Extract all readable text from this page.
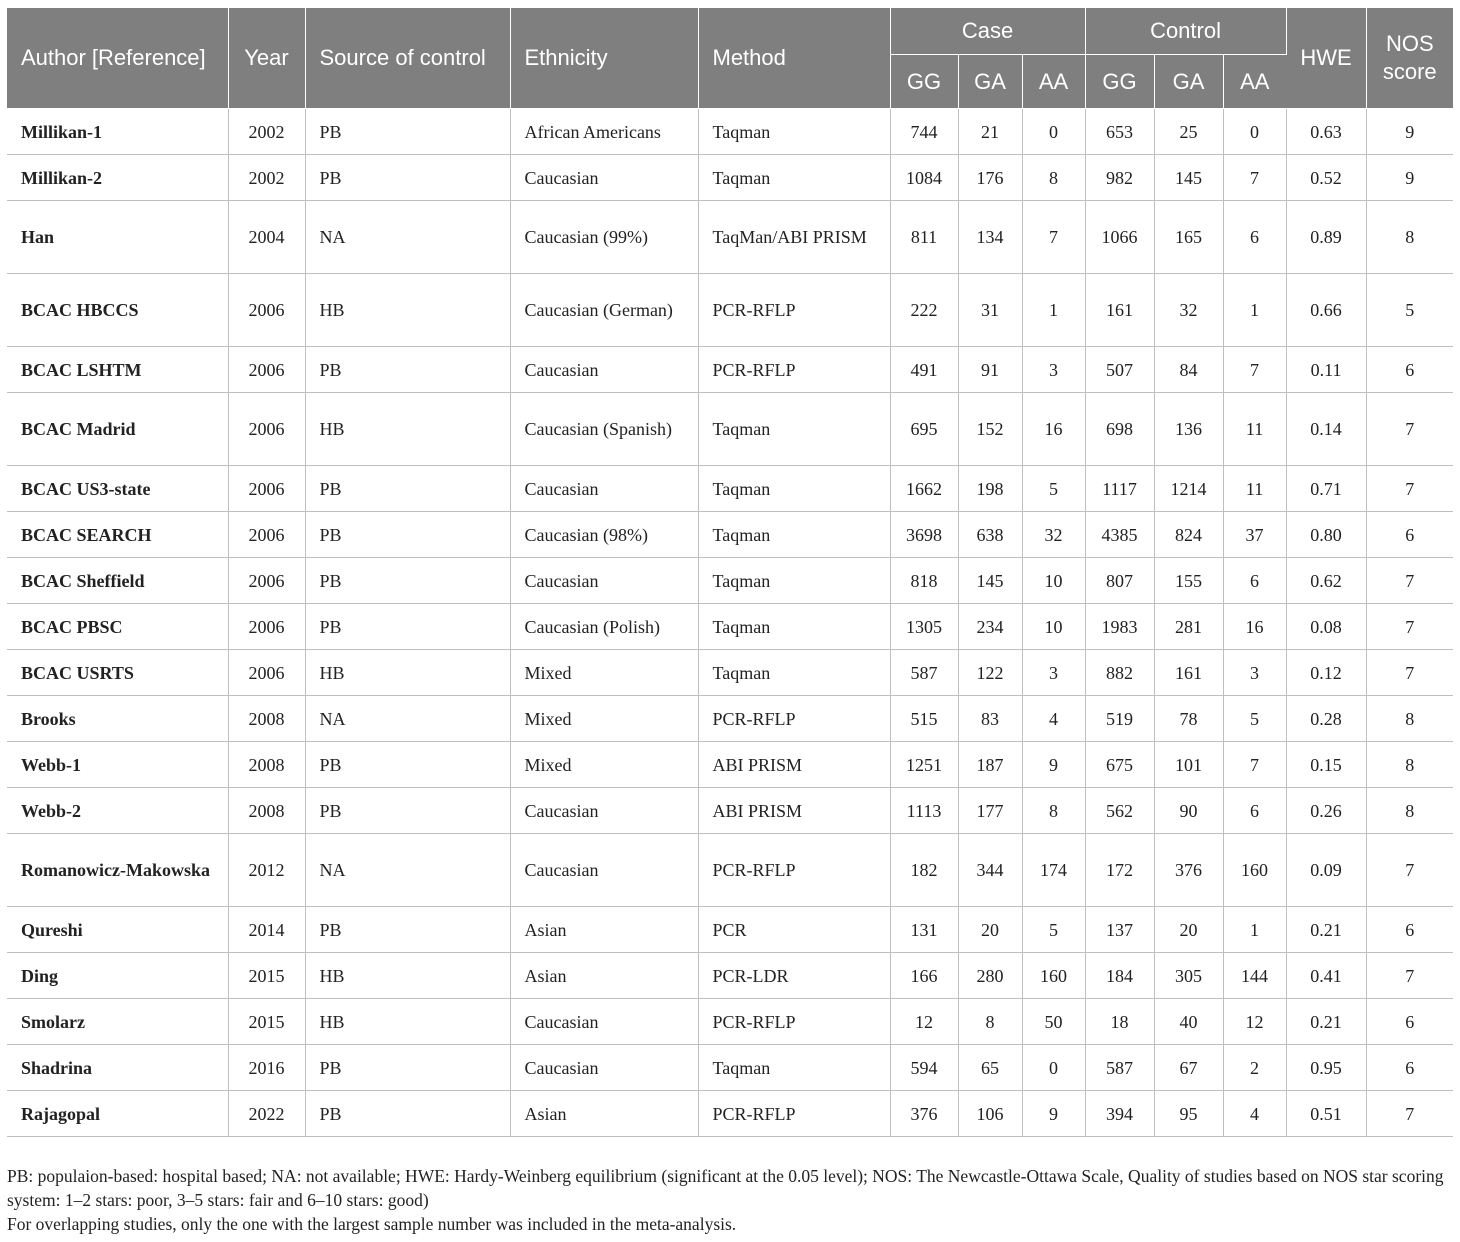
Author [Reference]	Year	Source of control	Ethnicity	Method	Case			Control			HWE	NOS score
					GG	GA	AA	GG	GA	AA		
Millikan-1	2002	PB	African Americans	Taqman	744	21	0	653	25	0	0.63	9
Millikan-2	2002	PB	Caucasian	Taqman	1084	176	8	982	145	7	0.52	9
Han	2004	NA	Caucasian (99%)	TaqMan/ABI PRISM	811	134	7	1066	165	6	0.89	8
BCAC HBCCS	2006	HB	Caucasian (German)	PCR-RFLP	222	31	1	161	32	1	0.66	5
BCAC LSHTM	2006	PB	Caucasian	PCR-RFLP	491	91	3	507	84	7	0.11	6
BCAC Madrid	2006	HB	Caucasian (Spanish)	Taqman	695	152	16	698	136	11	0.14	7
BCAC US3-state	2006	PB	Caucasian	Taqman	1662	198	5	1117	1214	11	0.71	7
BCAC SEARCH	2006	PB	Caucasian (98%)	Taqman	3698	638	32	4385	824	37	0.80	6
BCAC Sheffield	2006	PB	Caucasian	Taqman	818	145	10	807	155	6	0.62	7
BCAC PBSC	2006	PB	Caucasian (Polish)	Taqman	1305	234	10	1983	281	16	0.08	7
BCAC USRTS	2006	HB	Mixed	Taqman	587	122	3	882	161	3	0.12	7
Brooks	2008	NA	Mixed	PCR-RFLP	515	83	4	519	78	5	0.28	8
Webb-1	2008	PB	Mixed	ABI PRISM	1251	187	9	675	101	7	0.15	8
Webb-2	2008	PB	Caucasian	ABI PRISM	1113	177	8	562	90	6	0.26	8
Romanowicz-Makowska	2012	NA	Caucasian	PCR-RFLP	182	344	174	172	376	160	0.09	7
Qureshi	2014	PB	Asian	PCR	131	20	5	137	20	1	0.21	6
Ding	2015	HB	Asian	PCR-LDR	166	280	160	184	305	144	0.41	7
Smolarz	2015	HB	Caucasian	PCR-RFLP	12	8	50	18	40	12	0.21	6
Shadrina	2016	PB	Caucasian	Taqman	594	65	0	587	67	2	0.95	6
Rajagopal	2022	PB	Asian	PCR-RFLP	376	106	9	394	95	4	0.51	7

PB: populaion-based: hospital based; NA: not available; HWE: Hardy-Weinberg equilibrium (significant at the 0.05 level); NOS: The Newcastle-Ottawa Scale, Quality of studies based on NOS star scoring system: 1–2 stars: poor, 3–5 stars: fair and 6–10 stars: good)

For overlapping studies, only the one with the largest sample number was included in the meta-analysis.
